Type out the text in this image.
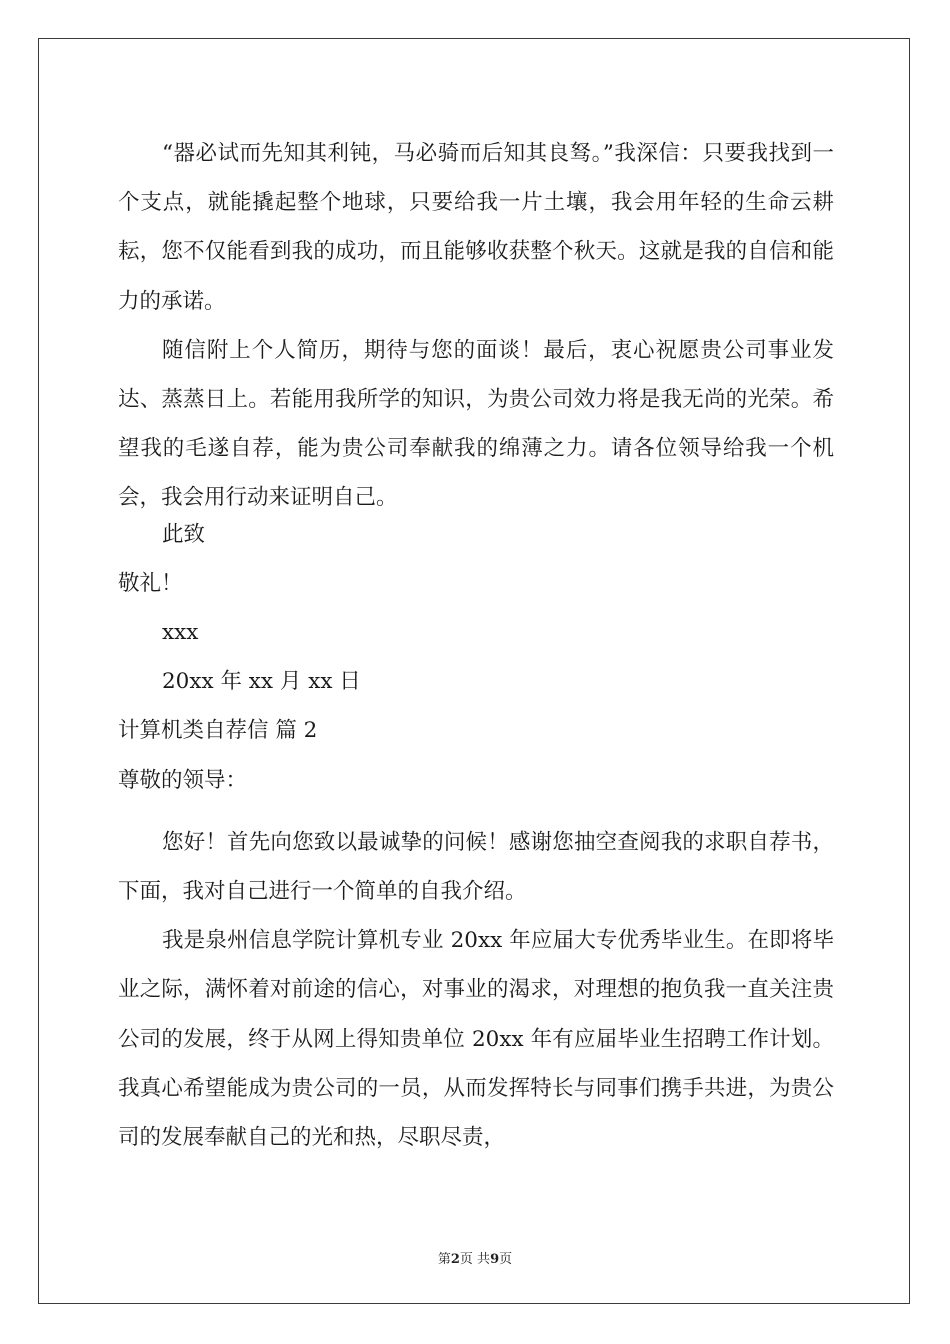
“器必试而先知其利钝，马必骑而后知其良驽。”我深信：只要我找到一个支点，就能撬起整个地球，只要给我一片土壤，我会用年轻的生命云耕耘，您不仅能看到我的成功，而且能够收获整个秋天。这就是我的自信和能力的承诺。
随信附上个人简历，期待与您的面谈！最后，衷心祝愿贵公司事业发达、蒸蒸日上。若能用我所学的知识，为贵公司效力将是我无尚的光荣。希望我的毛遂自荐，能为贵公司奉献我的绵薄之力。请各位领导给我一个机会，我会用行动来证明自己。
此致
敬礼！
xxx
20xx 年 xx 月 xx 日
计算机类自荐信 篇 2
尊敬的领导：
您好！首先向您致以最诚挚的问候！感谢您抽空查阅我的求职自荐书，下面，我对自己进行一个简单的自我介绍。
我是泉州信息学院计算机专业 20xx 年应届大专优秀毕业生。在即将毕业之际，满怀着对前途的信心，对事业的渴求，对理想的抱负我一直关注贵公司的发展，终于从网上得知贵单位 20xx 年有应届毕业生招聘工作计划。我真心希望能成为贵公司的一员，从而发挥特长与同事们携手共进，为贵公司的发展奉献自己的光和热，尽职尽责，
第2页 共9页
